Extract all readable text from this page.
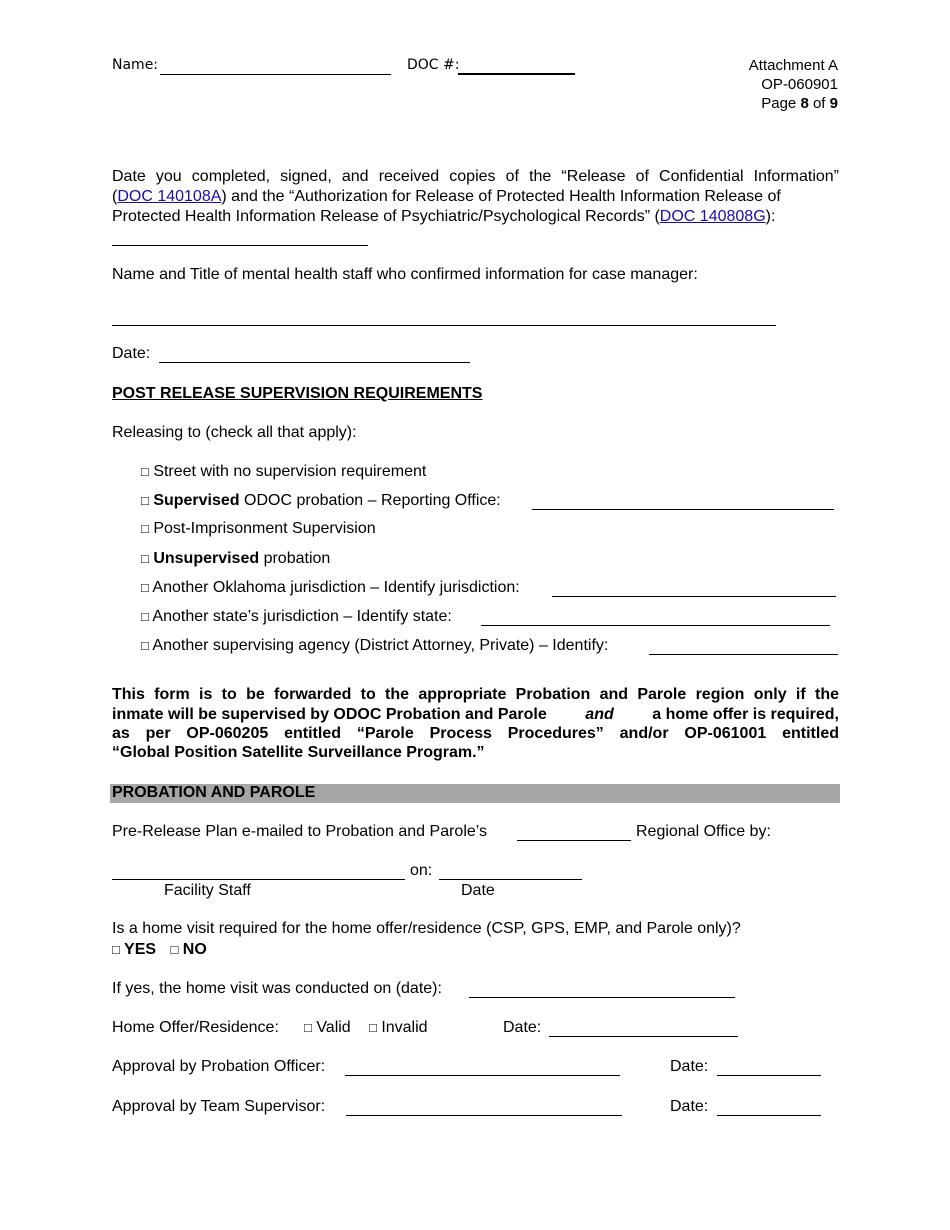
Name:	DOC #:	Attachment A
OP-060901
Page 8 of 9
Date you completed, signed, and received copies of the “Release of Confidential Information”
(DOC 140108A) and the “Authorization for Release of Protected Health Information Release of
Protected Health Information Release of Psychiatric/Psychological Records” (DOC 140808G):
Name and Title of mental health staff who confirmed information for case manager:
Date:
POST RELEASE SUPERVISION REQUIREMENTS
Releasing to (check all that apply):
□ Street with no supervision requirement
□ Supervised ODOC probation – Reporting Office:
□ Post-Imprisonment Supervision
□ Unsupervised probation
□ Another Oklahoma jurisdiction – Identify jurisdiction:
□ Another state’s jurisdiction – Identify state:
□ Another supervising agency (District Attorney, Private) – Identify:
This form is to be forwarded to the appropriate Probation and Parole region only if the
inmate will be supervised by ODOC Probation and Parole and a home offer is required,
as per OP-060205 entitled “Parole Process Procedures” and/or OP-061001 entitled
“Global Position Satellite Surveillance Program.”
PROBATION AND PAROLE
Pre-Release Plan e-mailed to Probation and Parole’s	Regional Office by:
on:
Facility Staff	Date
Is a home visit required for the home offer/residence (CSP, GPS, EMP, and Parole only)?
□ YES □ NO
If yes, the home visit was conducted on (date):
Home Offer/Residence: □ Valid □ Invalid	Date:
Approval by Probation Officer:	Date:
Approval by Team Supervisor:	Date:
